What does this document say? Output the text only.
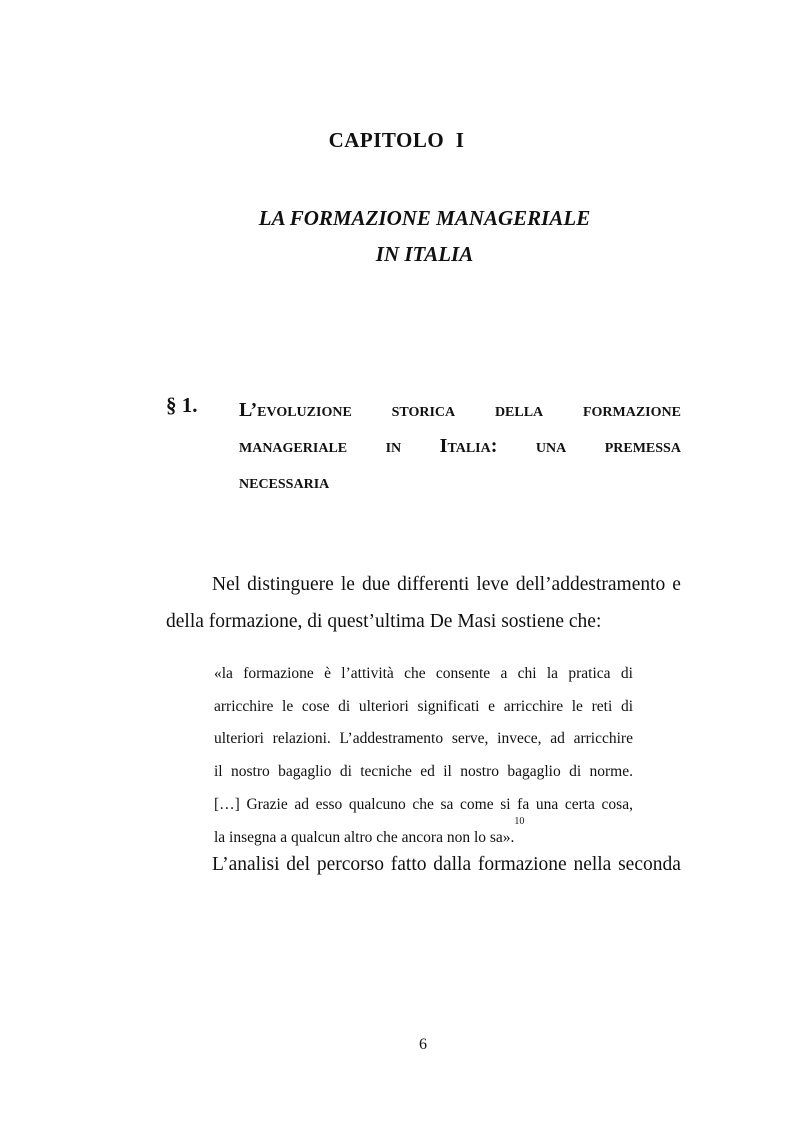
CAPITOLO  I
LA FORMAZIONE MANAGERIALE
IN ITALIA
§ 1. L’evoluzione storica della formazione
manageriale in Italia: una premessa
necessaria
Nel distinguere le due differenti leve dell’addestramento e
della formazione, di quest’ultima De Masi sostiene che:
«la formazione è l’attività che consente a chi la pratica di
arricchire le cose di ulteriori significati e arricchire le reti di
ulteriori relazioni. L’addestramento serve, invece, ad arricchire
il nostro bagaglio di tecniche ed il nostro bagaglio di norme.
[…] Grazie ad esso qualcuno che sa come si fa una certa cosa,
la insegna a qualcun altro che ancora non lo sa».
10
L’analisi del percorso fatto dalla formazione nella seconda
6
